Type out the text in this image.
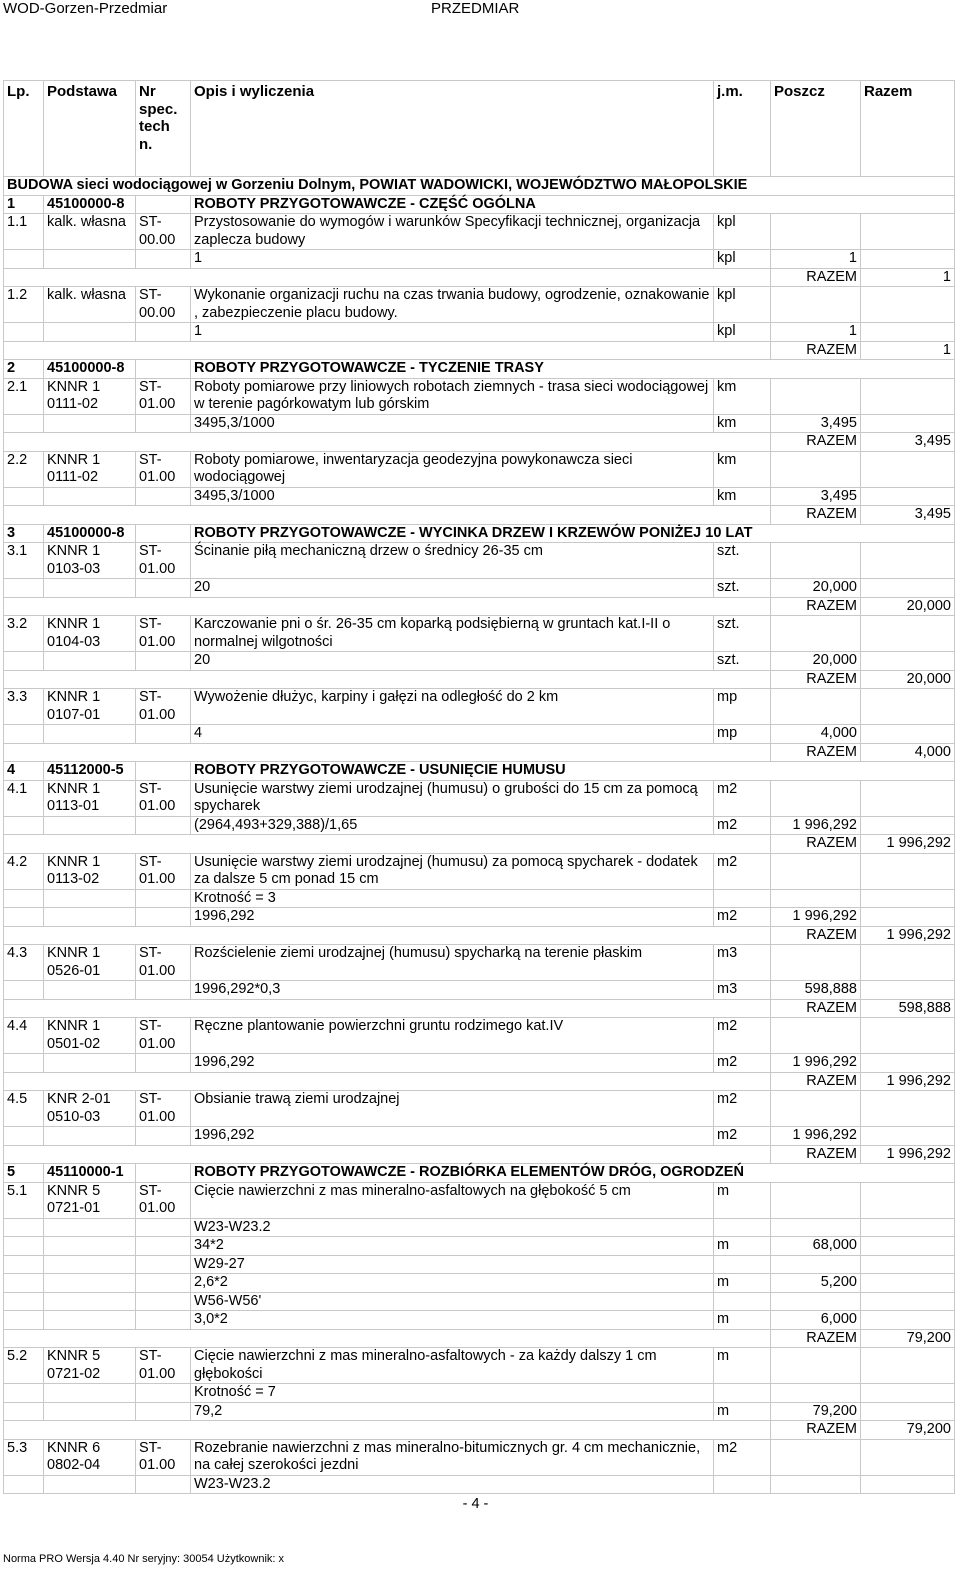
WOD-Gorzen-Przedmiar	PRZEDMIAR
Lp.	Podstawa	Nr spec. tech n.	Opis i wyliczenia	j.m.	Poszcz	Razem
BUDOWA sieci wodociągowej w Gorzeniu Dolnym, POWIAT WADOWICKI, WOJEWÓDZTWO MAŁOPOLSKIE						
1	45100000-8		ROBOTY PRZYGOTOWAWCZE - CZĘŚĆ OGÓLNA			
1.1	kalk. własna	ST-00.00	Przystosowanie do wymogów i warunków Specyfikacji technicznej, organizacja zaplecza budowy	kpl		
			1	kpl	1	
					RAZEM	1
1.2	kalk. własna	ST-00.00	Wykonanie organizacji ruchu na czas trwania budowy, ogrodzenie, oznakowanie , zabezpieczenie placu budowy.	kpl		
			1	kpl	1	
					RAZEM	1
2	45100000-8		ROBOTY PRZYGOTOWAWCZE - TYCZENIE TRASY			
2.1	KNNR 1 0111-02	ST-01.00	Roboty pomiarowe przy liniowych robotach ziemnych - trasa sieci wodociągowej w terenie pagórkowatym lub górskim	km		
			3495,3/1000	km	3,495	
					RAZEM	3,495
2.2	KNNR 1 0111-02	ST-01.00	Roboty pomiarowe, inwentaryzacja geodezyjna powykonawcza sieci wodociągowej	km		
			3495,3/1000	km	3,495	
					RAZEM	3,495
3	45100000-8		ROBOTY PRZYGOTOWAWCZE - WYCINKA DRZEW I KRZEWÓW PONIŻEJ 10 LAT			
3.1	KNNR 1 0103-03	ST-01.00	Ścinanie piłą mechaniczną drzew o średnicy 26-35 cm	szt.		
			20	szt.	20,000	
					RAZEM	20,000
3.2	KNNR 1 0104-03	ST-01.00	Karczowanie pni o śr. 26-35 cm koparką podsiębierną w gruntach kat.I-II o normalnej wilgotności	szt.		
			20	szt.	20,000	
					RAZEM	20,000
3.3	KNNR 1 0107-01	ST-01.00	Wywożenie dłużyc, karpiny i gałęzi na odległość do 2 km	mp		
			4	mp	4,000	
					RAZEM	4,000
4	45112000-5		ROBOTY PRZYGOTOWAWCZE - USUNIĘCIE HUMUSU			
4.1	KNNR 1 0113-01	ST-01.00	Usunięcie warstwy ziemi urodzajnej (humusu) o grubości do 15 cm za pomocą spycharek	m2		
			(2964,493+329,388)/1,65	m2	1 996,292	
					RAZEM	1 996,292
4.2	KNNR 1 0113-02	ST-01.00	Usunięcie warstwy ziemi urodzajnej (humusu) za pomocą spycharek - dodatek za dalsze 5 cm ponad 15 cm	m2		
			Krotność = 3			
			1996,292	m2	1 996,292	
					RAZEM	1 996,292
4.3	KNNR 1 0526-01	ST-01.00	Rozścielenie ziemi urodzajnej (humusu) spycharką na terenie płaskim	m3		
			1996,292*0,3	m3	598,888	
					RAZEM	598,888
4.4	KNNR 1 0501-02	ST-01.00	Ręczne plantowanie powierzchni gruntu rodzimego kat.IV	m2		
			1996,292	m2	1 996,292	
					RAZEM	1 996,292
4.5	KNR 2-01 0510-03	ST-01.00	Obsianie trawą ziemi urodzajnej	m2		
			1996,292	m2	1 996,292	
					RAZEM	1 996,292
5	45110000-1		ROBOTY PRZYGOTOWAWCZE - ROZBIÓRKA ELEMENTÓW DRÓG, OGRODZEŃ			
5.1	KNNR 5 0721-01	ST-01.00	Cięcie nawierzchni z mas mineralno-asfaltowych na głębokość 5 cm	m		
			W23-W23.2			
			34*2	m	68,000	
			W29-27			
			2,6*2	m	5,200	
			W56-W56'			
			3,0*2	m	6,000	
					RAZEM	79,200
5.2	KNNR 5 0721-02	ST-01.00	Cięcie nawierzchni z mas mineralno-asfaltowych - za każdy dalszy 1 cm głębokości	m		
			Krotność = 7			
			79,2	m	79,200	
					RAZEM	79,200
5.3	KNNR 6 0802-04	ST-01.00	Rozebranie nawierzchni z mas mineralno-bitumicznych gr. 4 cm mechanicznie, na całej szerokości jezdni	m2		
			W23-W23.2			
- 4 -
Norma PRO Wersja 4.40 Nr seryjny: 30054 Użytkownik: x
